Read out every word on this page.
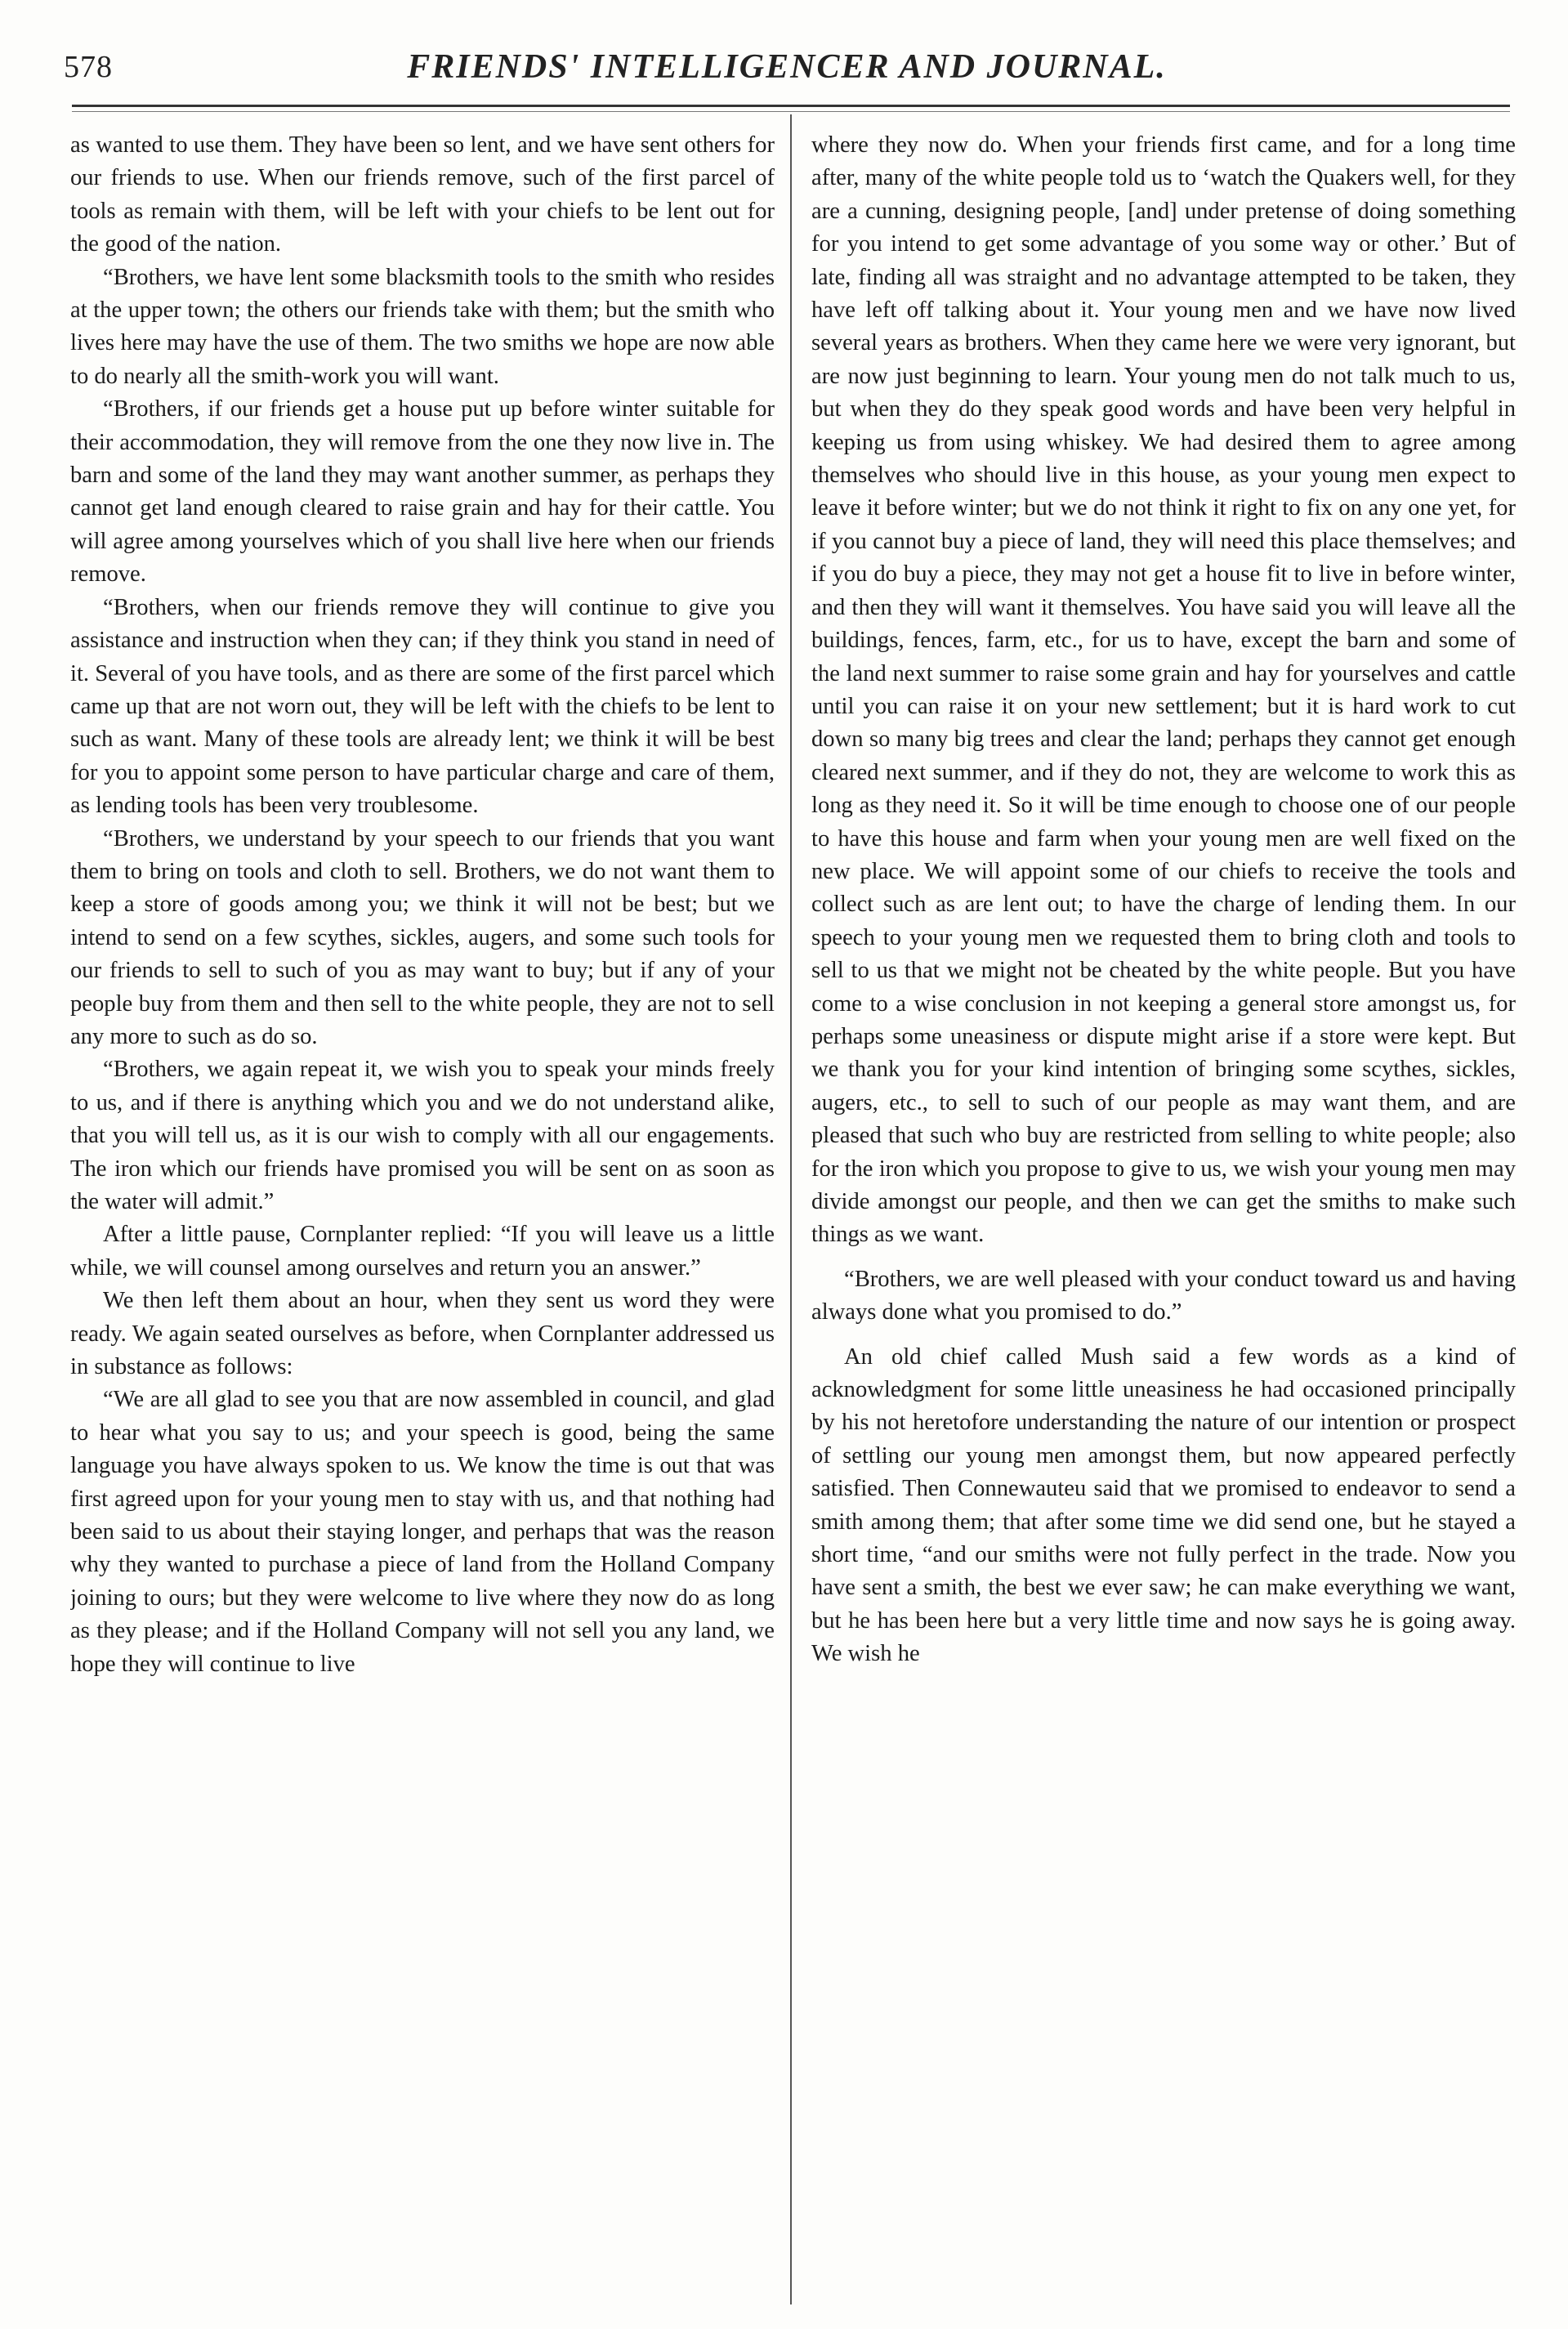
578	FRIENDS' INTELLIGENCER AND JOURNAL.

as wanted to use them. They have been so lent, and we have sent others for our friends to use. When our friends remove, such of the first parcel of tools as remain with them, will be left with your chiefs to be lent out for the good of the nation.

“Brothers, we have lent some blacksmith tools to the smith who resides at the upper town; the others our friends take with them; but the smith who lives here may have the use of them. The two smiths we hope are now able to do nearly all the smith-work you will want.

“Brothers, if our friends get a house put up before winter suitable for their accommodation, they will remove from the one they now live in. The barn and some of the land they may want another summer, as perhaps they cannot get land enough cleared to raise grain and hay for their cattle. You will agree among yourselves which of you shall live here when our friends remove.

“Brothers, when our friends remove they will continue to give you assistance and instruction when they can; if they think you stand in need of it. Several of you have tools, and as there are some of the first parcel which came up that are not worn out, they will be left with the chiefs to be lent to such as want. Many of these tools are already lent; we think it will be best for you to appoint some person to have particular charge and care of them, as lending tools has been very troublesome.

“Brothers, we understand by your speech to our friends that you want them to bring on tools and cloth to sell. Brothers, we do not want them to keep a store of goods among you; we think it will not be best; but we intend to send on a few scythes, sickles, augers, and some such tools for our friends to sell to such of you as may want to buy; but if any of your people buy from them and then sell to the white people, they are not to sell any more to such as do so.

“Brothers, we again repeat it, we wish you to speak your minds freely to us, and if there is anything which you and we do not understand alike, that you will tell us, as it is our wish to comply with all our engagements. The iron which our friends have promised you will be sent on as soon as the water will admit.”

After a little pause, Cornplanter replied: “If you will leave us a little while, we will counsel among ourselves and return you an answer.”

We then left them about an hour, when they sent us word they were ready. We again seated ourselves as before, when Cornplanter addressed us in substance as follows:

“We are all glad to see you that are now assembled in council, and glad to hear what you say to us; and your speech is good, being the same language you have always spoken to us. We know the time is out that was first agreed upon for your young men to stay with us, and that nothing had been said to us about their staying longer, and perhaps that was the reason why they wanted to purchase a piece of land from the Holland Company joining to ours; but they were welcome to live where they now do as long as they please; and if the Holland Company will not sell you any land, we hope they will continue to live

where they now do. When your friends first came, and for a long time after, many of the white people told us to ‘watch the Quakers well, for they are a cunning, designing people, [and] under pretense of doing something for you intend to get some advantage of you some way or other.’ But of late, finding all was straight and no advantage attempted to be taken, they have left off talking about it. Your young men and we have now lived several years as brothers. When they came here we were very ignorant, but are now just beginning to learn. Your young men do not talk much to us, but when they do they speak good words and have been very helpful in keeping us from using whiskey. We had desired them to agree among themselves who should live in this house, as your young men expect to leave it before winter; but we do not think it right to fix on any one yet, for if you cannot buy a piece of land, they will need this place themselves; and if you do buy a piece, they may not get a house fit to live in before winter, and then they will want it themselves. You have said you will leave all the buildings, fences, farm, etc., for us to have, except the barn and some of the land next summer to raise some grain and hay for yourselves and cattle until you can raise it on your new settlement; but it is hard work to cut down so many big trees and clear the land; perhaps they cannot get enough cleared next summer, and if they do not, they are welcome to work this as long as they need it. So it will be time enough to choose one of our people to have this house and farm when your young men are well fixed on the new place. We will appoint some of our chiefs to receive the tools and collect such as are lent out; to have the charge of lending them. In our speech to your young men we requested them to bring cloth and tools to sell to us that we might not be cheated by the white people. But you have come to a wise conclusion in not keeping a general store amongst us, for perhaps some uneasiness or dispute might arise if a store were kept. But we thank you for your kind intention of bringing some scythes, sickles, augers, etc., to sell to such of our people as may want them, and are pleased that such who buy are restricted from selling to white people; also for the iron which you propose to give to us, we wish your young men may divide amongst our people, and then we can get the smiths to make such things as we want.

“Brothers, we are well pleased with your conduct toward us and having always done what you promised to do.”

An old chief called Mush said a few words as a kind of acknowledgment for some little uneasiness he had occasioned principally by his not heretofore understanding the nature of our intention or prospect of settling our young men amongst them, but now appeared perfectly satisfied. Then Connewauteu said that we promised to endeavor to send a smith among them; that after some time we did send one, but he stayed a short time, “and our smiths were not fully perfect in the trade. Now you have sent a smith, the best we ever saw; he can make everything we want, but he has been here but a very little time and now says he is going away. We wish he
